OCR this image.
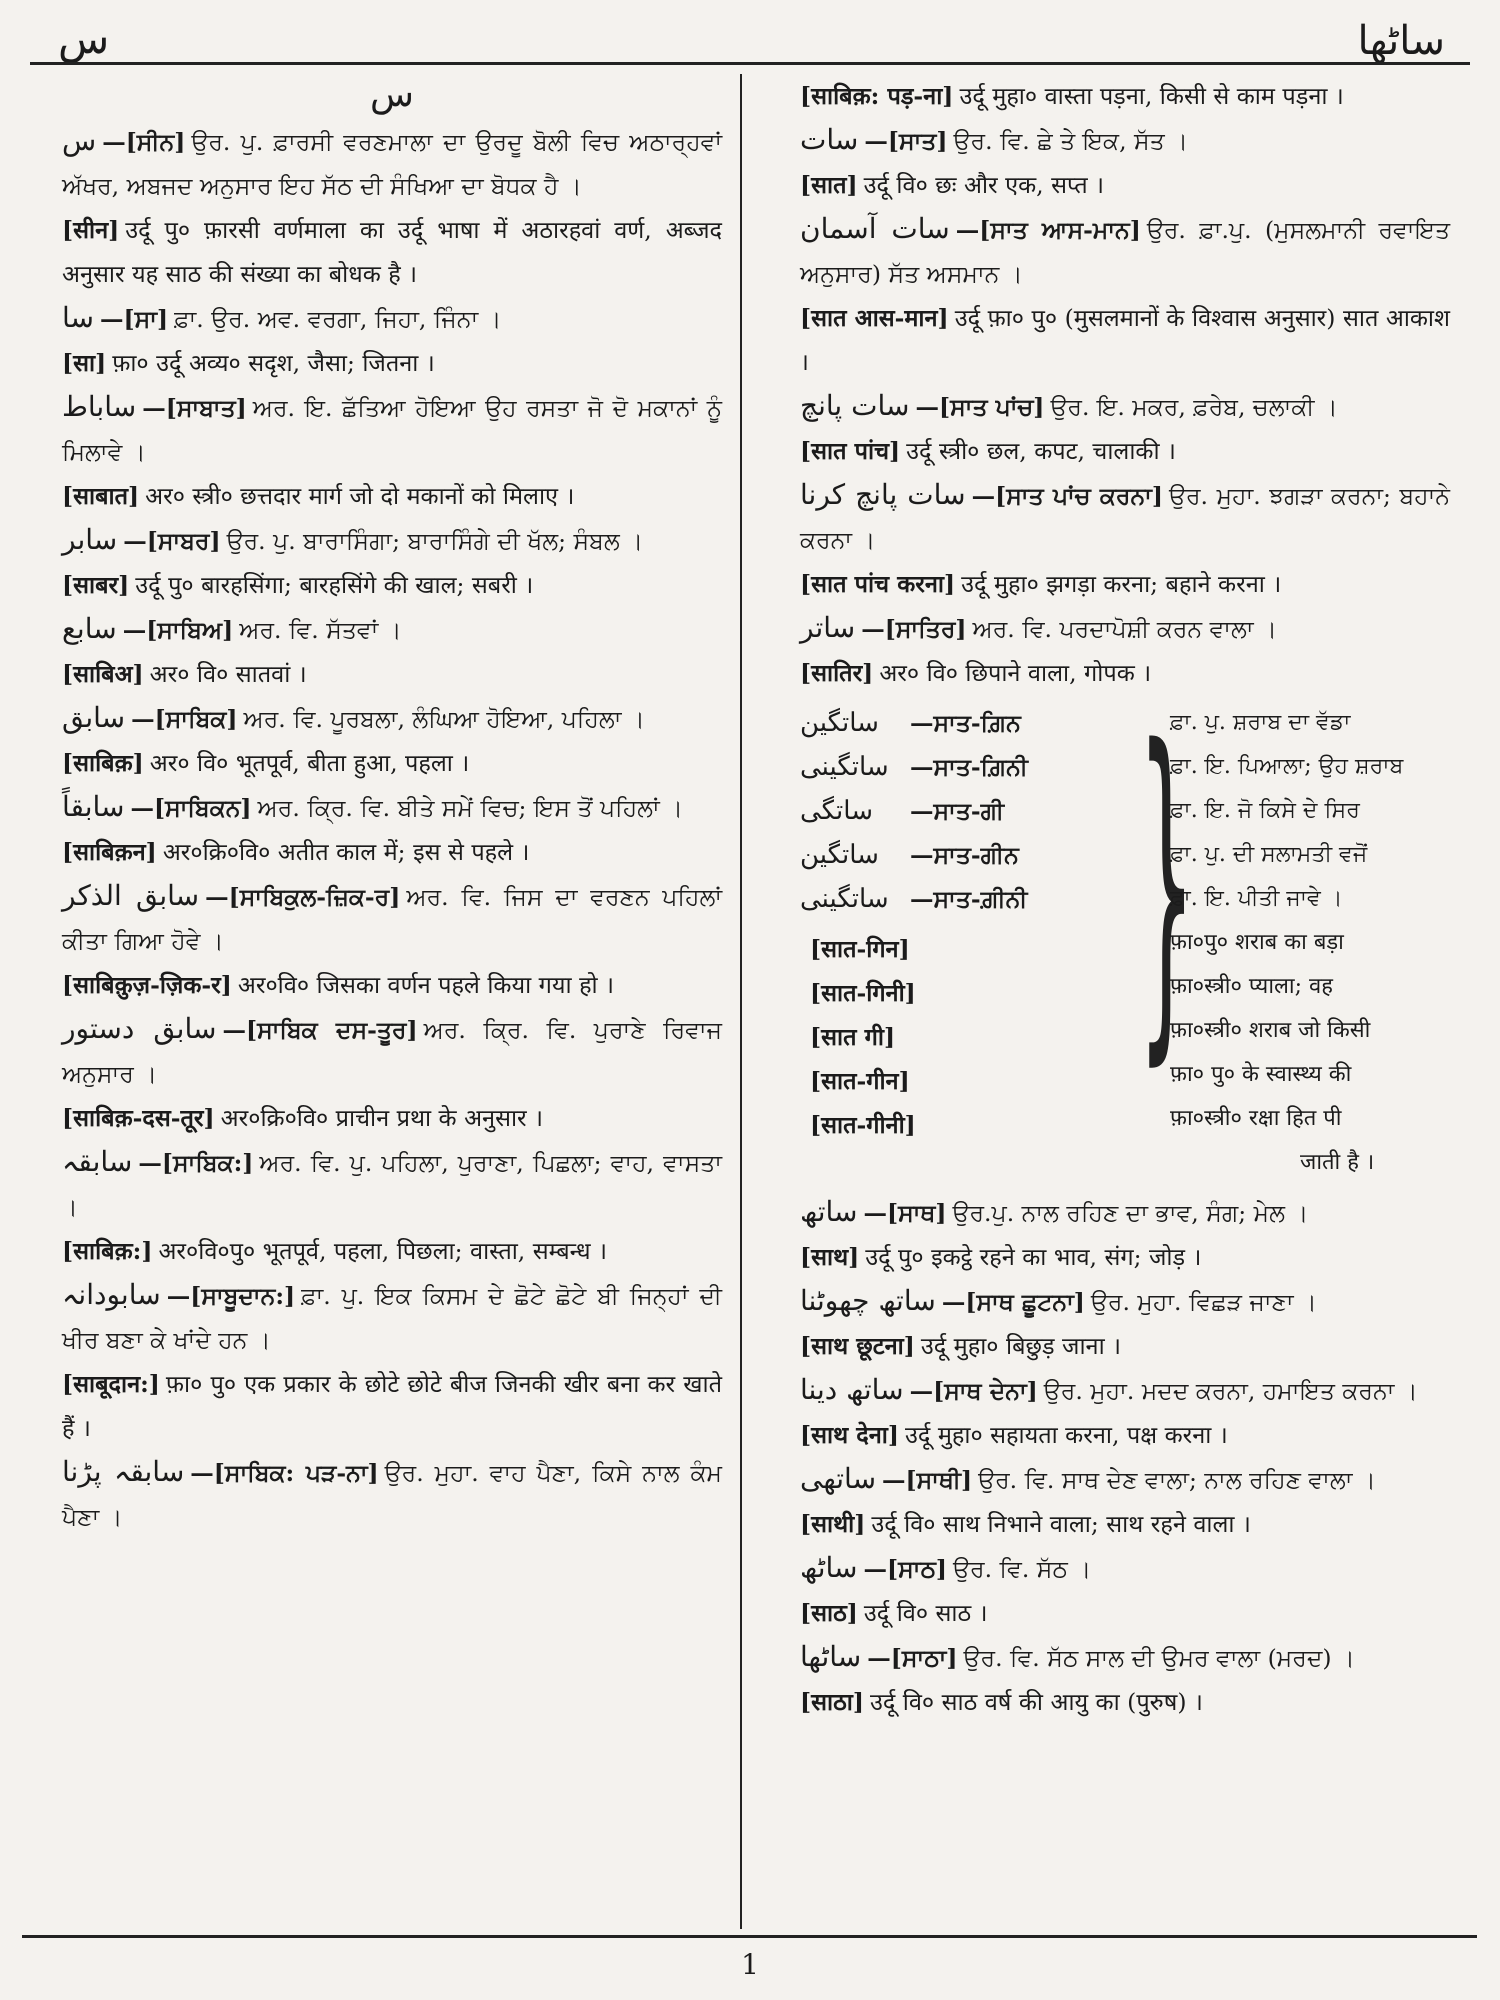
س	ساٹھا
س

س —[ਸੀਨ] ਉਰ. ਪੁ. ਫ਼ਾਰਸੀ ਵਰਣਮਾਲਾ ਦਾ ਉਰਦੂ ਬੋਲੀ ਵਿਚ ਅਠਾਰ੍ਹਵਾਂ ਅੱਖਰ, ਅਬਜਦ ਅਨੁਸਾਰ ਇਹ ਸੱਠ ਦੀ ਸੰਖਿਆ ਦਾ ਬੋਧਕ ਹੈ ।

[सीन] उर्दू पु० फ़ारसी वर्णमाला का उर्दू भाषा में अठारहवां वर्ण, अब्जद अनुसार यह साठ की संख्या का बोधक है ।

سا —[ਸਾ] ਫ਼ਾ. ਉਰ. ਅਵ. ਵਰਗਾ, ਜਿਹਾ, ਜਿੰਨਾ ।

[सा] फ़ा० उर्दू अव्य० सदृश, जैसा; जितना ।

ساباط —[ਸਾਬਾਤ] ਅਰ. ਇ. ਛੱਤਿਆ ਹੋਇਆ ਉਹ ਰਸਤਾ ਜੋ ਦੋ ਮਕਾਨਾਂ ਨੂੰ ਮਿਲਾਵੇ ।

[साबात] अर० स्त्री० छत्तदार मार्ग जो दो मकानों को मिलाए ।

سابر —[ਸਾਬਰ] ਉਰ. ਪੁ. ਬਾਰਾਸਿੰਗਾ; ਬਾਰਾਸਿੰਗੇ ਦੀ ਖੱਲ; ਸੰਬਲ ।

[साबर] उर्दू पु० बारहसिंगा; बारहसिंगे की खाल; सबरी ।

سابع —[ਸਾਬਿਅ] ਅਰ. ਵਿ. ਸੱਤਵਾਂ ।

[साबिअ] अर० वि० सातवां ।

سابق —[ਸਾਬਿਕ] ਅਰ. ਵਿ. ਪੂਰਬਲਾ, ਲੰਘਿਆ ਹੋਇਆ, ਪਹਿਲਾ ।

[साबिक़] अर० वि० भूतपूर्व, बीता हुआ, पहला ।

سابقاً —[ਸਾਬਿਕਨ] ਅਰ. ਕ੍ਰਿ. ਵਿ. ਬੀਤੇ ਸਮੇਂ ਵਿਚ; ਇਸ ਤੋਂ ਪਹਿਲਾਂ ।

[साबिक़न] अर०क्रि०वि० अतीत काल में; इस से पहले ।

سابق الذکر —[ਸਾਬਿਕੁਲ-ਜ਼ਿਕ-ਰ] ਅਰ. ਵਿ. ਜਿਸ ਦਾ ਵਰਣਨ ਪਹਿਲਾਂ ਕੀਤਾ ਗਿਆ ਹੋਵੇ ।

[साबिक़ुज़-ज़िक-र] अर०वि० जिसका वर्णन पहले किया गया हो ।

سابق دستور —[ਸਾਬਿਕ ਦਸ-ਤੂਰ] ਅਰ. ਕ੍ਰਿ. ਵਿ. ਪੁਰਾਣੇ ਰਿਵਾਜ ਅਨੁਸਾਰ ।

[साबिक़-दस-तूर] अर०क्रि०वि० प्राचीन प्रथा के अनुसार ।

سابقہ —[ਸਾਬਿਕ:] ਅਰ. ਵਿ. ਪੁ. ਪਹਿਲਾ, ਪੁਰਾਣਾ, ਪਿਛਲਾ; ਵਾਹ, ਵਾਸਤਾ ।

[साबिक़:] अर०वि०पु० भूतपूर्व, पहला, पिछला; वास्ता, सम्बन्ध ।

سابودانہ —[ਸਾਬੂਦਾਨ:] ਫ਼ਾ. ਪੁ. ਇਕ ਕਿਸਮ ਦੇ ਛੋਟੇ ਛੋਟੇ ਬੀ ਜਿਨ੍ਹਾਂ ਦੀ ਖੀਰ ਬਣਾ ਕੇ ਖਾਂਦੇ ਹਨ ।

[साबूदान:] फ़ा० पु० एक प्रकार के छोटे छोटे बीज जिनकी खीर बना कर खाते हैं ।

سابقہ پڑنا —[ਸਾਬਿਕ: ਪੜ-ਨਾ] ਉਰ. ਮੁਹਾ. ਵਾਹ ਪੈਣਾ, ਕਿਸੇ ਨਾਲ ਕੰਮ ਪੈਣਾ ।

[साबिक़: पड़-ना] उर्दू मुहा० वास्ता पड़ना, किसी से काम पड़ना ।

سات —[ਸਾਤ] ਉਰ. ਵਿ. ਛੇ ਤੇ ਇਕ, ਸੱਤ ।

[सात] उर्दू वि० छः और एक, सप्त ।

سات آسمان —[ਸਾਤ ਆਸ-ਮਾਨ] ਉਰ. ਫ਼ਾ.ਪੁ. (ਮੁਸਲਮਾਨੀ ਰਵਾਇਤ ਅਨੁਸਾਰ) ਸੱਤ ਅਸਮਾਨ ।

[सात आस-मान] उर्दू फ़ा० पु० (मुसलमानों के विश्वास अनुसार) सात आकाश ।

سات پانچ —[ਸਾਤ ਪਾਂਚ] ਉਰ. ਇ. ਮਕਰ, ਫ਼ਰੇਬ, ਚਲਾਕੀ ।

[सात पांच] उर्दू स्त्री० छल, कपट, चालाकी ।

سات پانچ کرنا —[ਸਾਤ ਪਾਂਚ ਕਰਨਾ] ਉਰ. ਮੁਹਾ. ਝਗੜਾ ਕਰਨਾ; ਬਹਾਨੇ ਕਰਨਾ ।

[सात पांच करना] उर्दू मुहा० झगड़ा करना; बहाने करना ।

ساتر —[ਸਾਤਿਰ] ਅਰ. ਵਿ. ਪਰਦਾਪੋਸ਼ੀ ਕਰਨ ਵਾਲਾ ।

[सातिर] अर० वि० छिपाने वाला, गोपक ।

}
ساتگین
ساتگینی
ساتگی
ساتگین
ساتگینی
—ਸਾਤ-ਗ਼ਿਨ
—ਸਾਤ-ਗ਼ਿਨੀ
—ਸਾਤ-ਗੀ
—ਸਾਤ-ਗੀਨ
—ਸਾਤ-ਗ਼ੀਨੀ
[सात-गिन]
[सात-गिनी]
[सात गी]
[सात-गीन]
[सात-गीनी]
ਫ਼ਾ. ਪੁ. ਸ਼ਰਾਬ ਦਾ ਵੱਡਾ
ਫ਼ਾ. ਇ. ਪਿਆਲਾ; ਉਹ ਸ਼ਰਾਬ
ਫ਼ਾ. ਇ. ਜੋ ਕਿਸੇ ਦੇ ਸਿਰ
ਫ਼ਾ. ਪੁ. ਦੀ ਸਲਾਮਤੀ ਵਜੋਂ
ਫ਼ਾ. ਇ. ਪੀਤੀ ਜਾਵੇ ।
फ़ा०पु० शराब का बड़ा
फ़ा०स्त्री० प्याला; वह
फ़ा०स्त्री० शराब जो किसी
फ़ा० पु० के स्वास्थ्य की
फ़ा०स्त्री० रक्षा हित पी
जाती है ।

ساتھ —[ਸਾਥ] ਉਰ.ਪੁ. ਨਾਲ ਰਹਿਣ ਦਾ ਭਾਵ, ਸੰਗ; ਮੇਲ ।

[साथ] उर्दू पु० इकट्ठे रहने का भाव, संग; जोड़ ।

ساتھ چھوٹنا —[ਸਾਥ ਛੂਟਨਾ] ਉਰ. ਮੁਹਾ. ਵਿਛੜ ਜਾਣਾ ।

[साथ छूटना] उर्दू मुहा० बिछुड़ जाना ।

ساتھ دینا —[ਸਾਥ ਦੇਨਾ] ਉਰ. ਮੁਹਾ. ਮਦਦ ਕਰਨਾ, ਹਮਾਇਤ ਕਰਨਾ ।

[साथ देना] उर्दू मुहा० सहायता करना, पक्ष करना ।

ساتھی —[ਸਾਥੀ] ਉਰ. ਵਿ. ਸਾਥ ਦੇਣ ਵਾਲਾ; ਨਾਲ ਰਹਿਣ ਵਾਲਾ ।

[साथी] उर्दू वि० साथ निभाने वाला; साथ रहने वाला ।

ساٹھ —[ਸਾਠ] ਉਰ. ਵਿ. ਸੱਠ ।

[साठ] उर्दू वि० साठ ।

ساٹھا —[ਸਾਠਾ] ਉਰ. ਵਿ. ਸੱਠ ਸਾਲ ਦੀ ਉਮਰ ਵਾਲਾ (ਮਰਦ) ।

[साठा] उर्दू वि० साठ वर्ष की आयु का (पुरुष) ।

1
